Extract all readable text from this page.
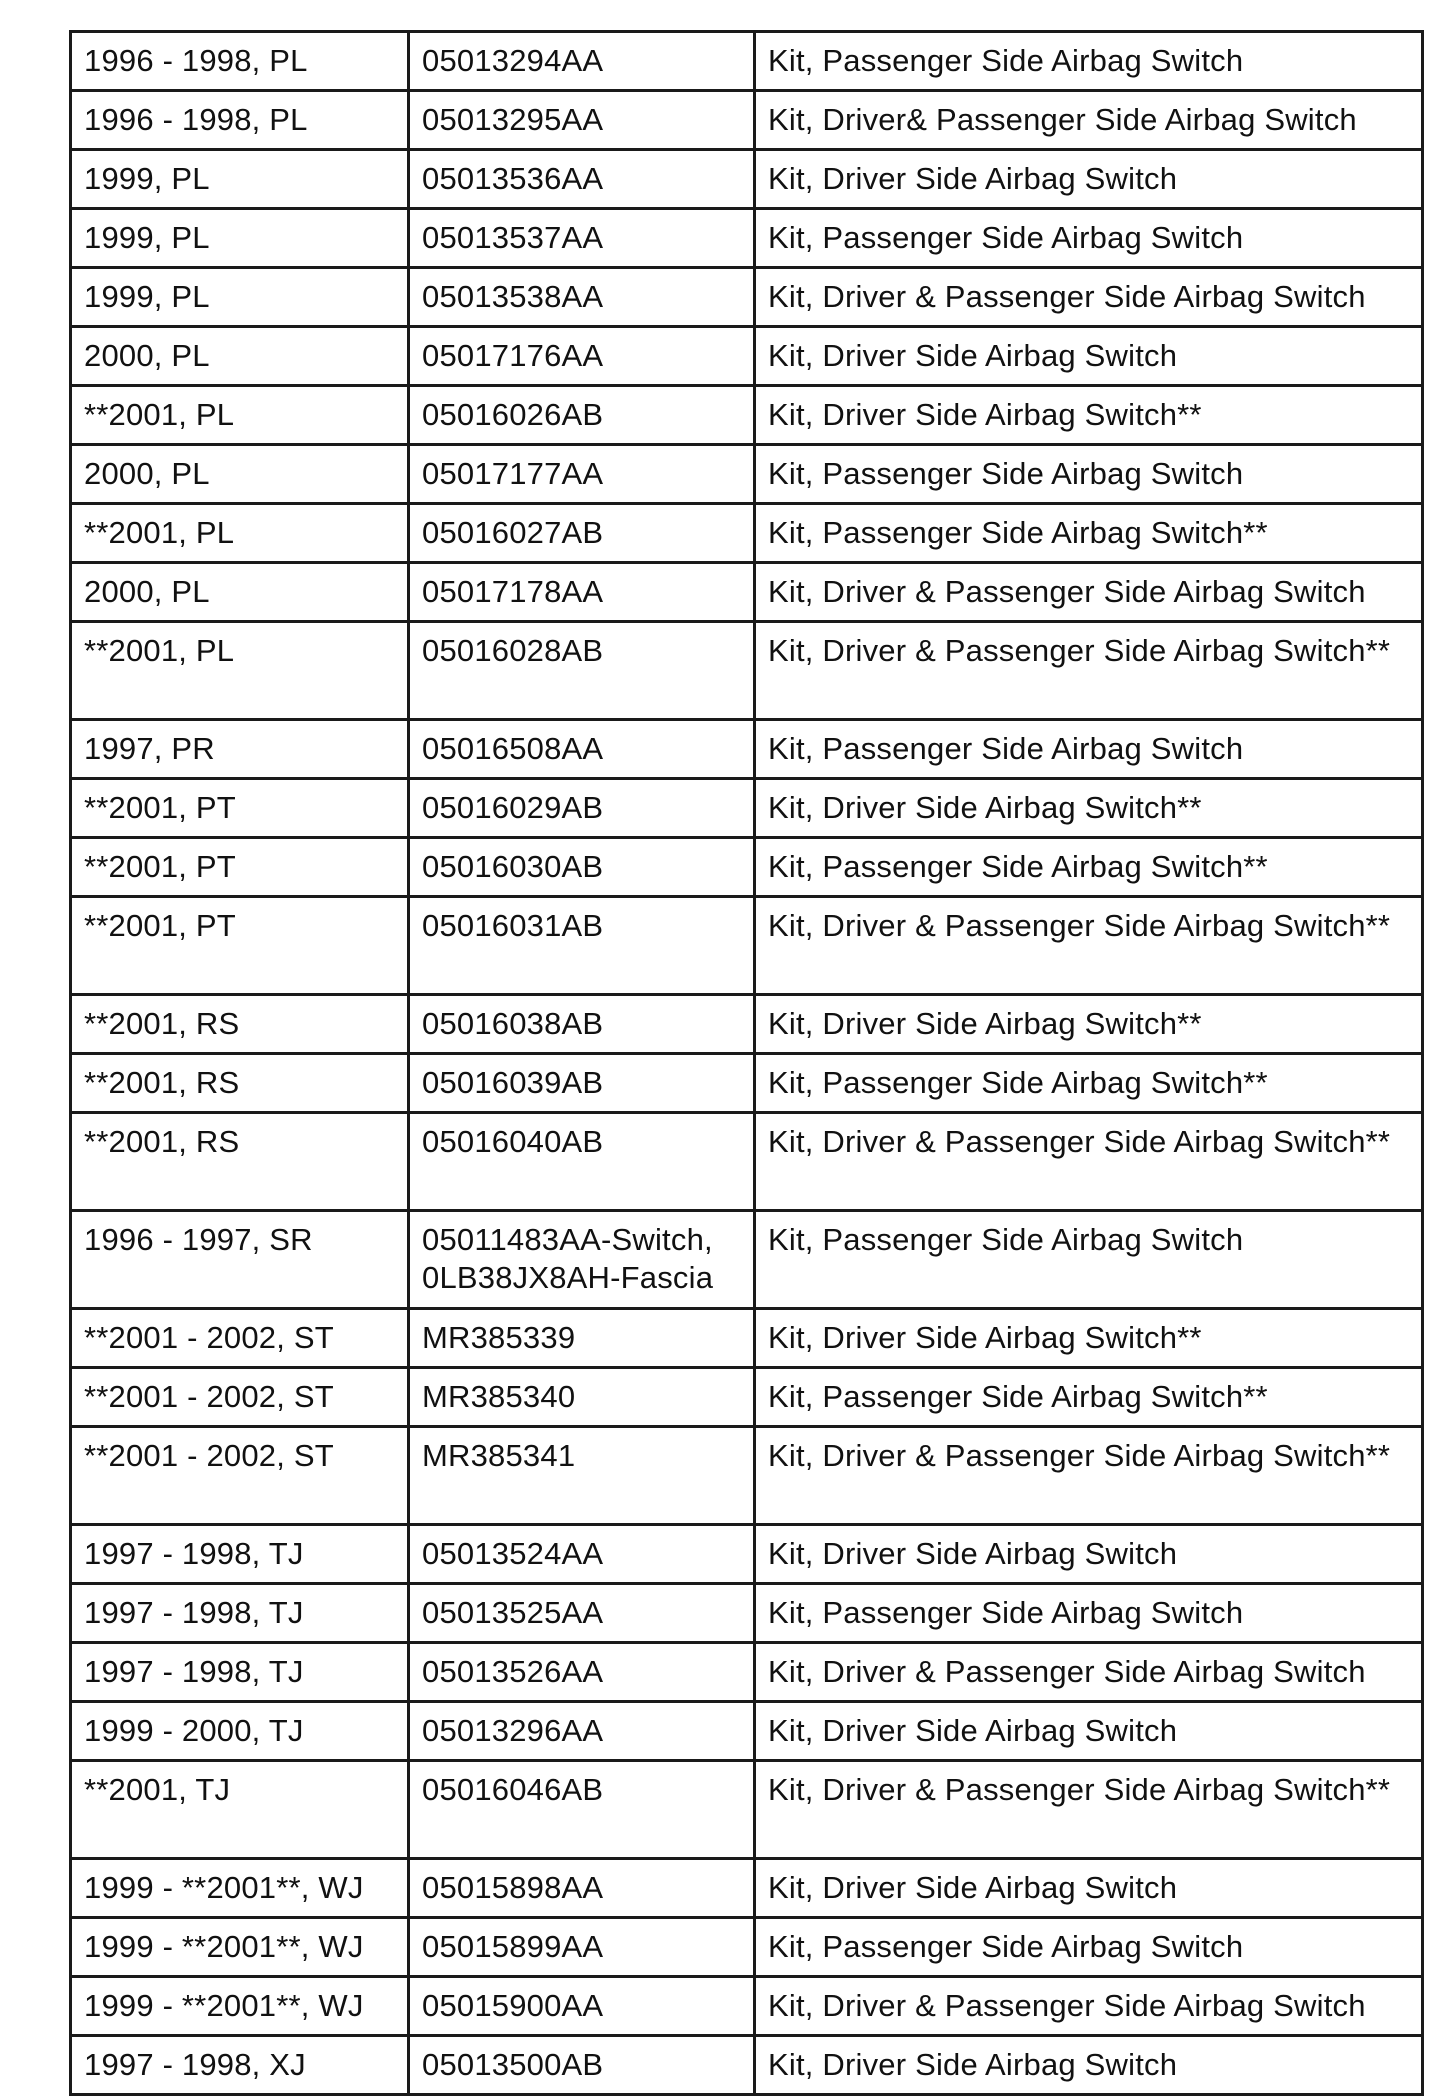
1996 - 1998, PL	05013294AA	Kit, Passenger Side Airbag Switch
1996 - 1998, PL	05013295AA	Kit, Driver& Passenger Side Airbag Switch
1999, PL	05013536AA	Kit, Driver Side Airbag Switch
1999, PL	05013537AA	Kit, Passenger Side Airbag Switch
1999, PL	05013538AA	Kit, Driver & Passenger Side Airbag Switch
2000, PL	05017176AA	Kit, Driver Side Airbag Switch
**2001, PL	05016026AB	Kit, Driver Side Airbag Switch**
2000, PL	05017177AA	Kit, Passenger Side Airbag Switch
**2001, PL	05016027AB	Kit, Passenger Side Airbag Switch**
2000, PL	05017178AA	Kit, Driver & Passenger Side Airbag Switch
**2001, PL	05016028AB	Kit, Driver & Passenger Side Airbag Switch**
1997, PR	05016508AA	Kit, Passenger Side Airbag Switch
**2001, PT	05016029AB	Kit, Driver Side Airbag Switch**
**2001, PT	05016030AB	Kit, Passenger Side Airbag Switch**
**2001, PT	05016031AB	Kit, Driver & Passenger Side Airbag Switch**
**2001, RS	05016038AB	Kit, Driver Side Airbag Switch**
**2001, RS	05016039AB	Kit, Passenger Side Airbag Switch**
**2001, RS	05016040AB	Kit, Driver & Passenger Side Airbag Switch**
1996 - 1997, SR	05011483AA-Switch, 0LB38JX8AH-Fascia	Kit, Passenger Side Airbag Switch
**2001 - 2002, ST	MR385339	Kit, Driver Side Airbag Switch**
**2001 - 2002, ST	MR385340	Kit, Passenger Side Airbag Switch**
**2001 - 2002, ST	MR385341	Kit, Driver & Passenger Side Airbag Switch**
1997 - 1998, TJ	05013524AA	Kit, Driver Side Airbag Switch
1997 - 1998, TJ	05013525AA	Kit, Passenger Side Airbag Switch
1997 - 1998, TJ	05013526AA	Kit, Driver & Passenger Side Airbag Switch
1999 - 2000, TJ	05013296AA	Kit, Driver Side Airbag Switch
**2001, TJ	05016046AB	Kit, Driver & Passenger Side Airbag Switch**
1999 - **2001**, WJ	05015898AA	Kit, Driver Side Airbag Switch
1999 - **2001**, WJ	05015899AA	Kit, Passenger Side Airbag Switch
1999 - **2001**, WJ	05015900AA	Kit, Driver & Passenger Side Airbag Switch
1997 - 1998, XJ	05013500AB	Kit, Driver Side Airbag Switch
